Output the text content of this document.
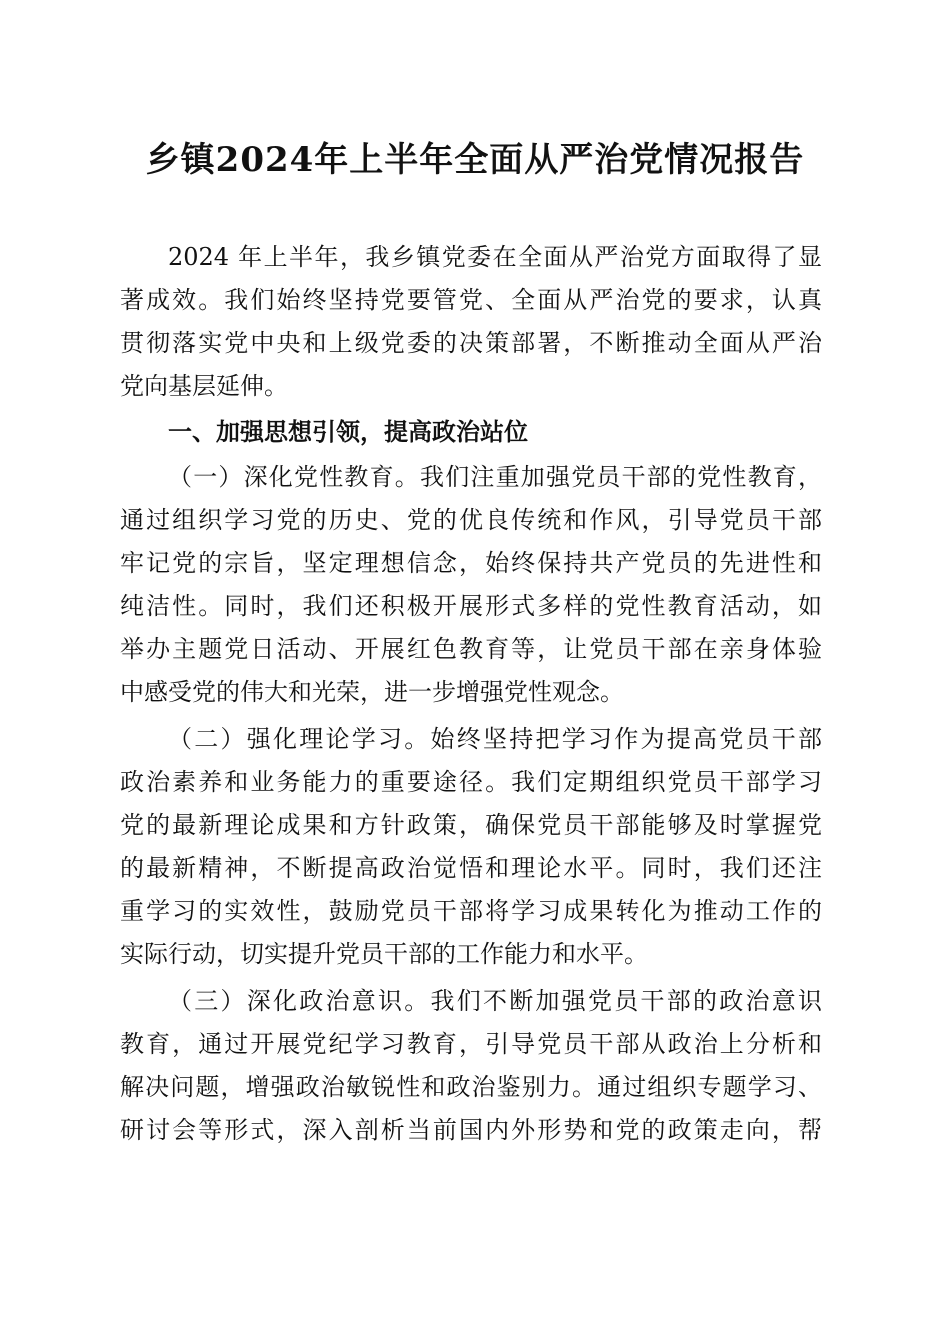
乡镇2024年上半年全面从严治党情况报告
2024 年上半年，我乡镇党委在全面从严治党方面取得了显
著成效。我们始终坚持党要管党、全面从严治党的要求，认真
贯彻落实党中央和上级党委的决策部署，不断推动全面从严治
党向基层延伸。
一、加强思想引领，提高政治站位
（一）深化党性教育。我们注重加强党员干部的党性教育，
通过组织学习党的历史、党的优良传统和作风，引导党员干部
牢记党的宗旨，坚定理想信念，始终保持共产党员的先进性和
纯洁性。同时，我们还积极开展形式多样的党性教育活动，如
举办主题党日活动、开展红色教育等，让党员干部在亲身体验
中感受党的伟大和光荣，进一步增强党性观念。
（二）强化理论学习。始终坚持把学习作为提高党员干部
政治素养和业务能力的重要途径。我们定期组织党员干部学习
党的最新理论成果和方针政策，确保党员干部能够及时掌握党
的最新精神，不断提高政治觉悟和理论水平。同时，我们还注
重学习的实效性，鼓励党员干部将学习成果转化为推动工作的
实际行动，切实提升党员干部的工作能力和水平。
（三）深化政治意识。我们不断加强党员干部的政治意识
教育，通过开展党纪学习教育，引导党员干部从政治上分析和
解决问题，增强政治敏锐性和政治鉴别力。通过组织专题学习、
研讨会等形式，深入剖析当前国内外形势和党的政策走向，帮
